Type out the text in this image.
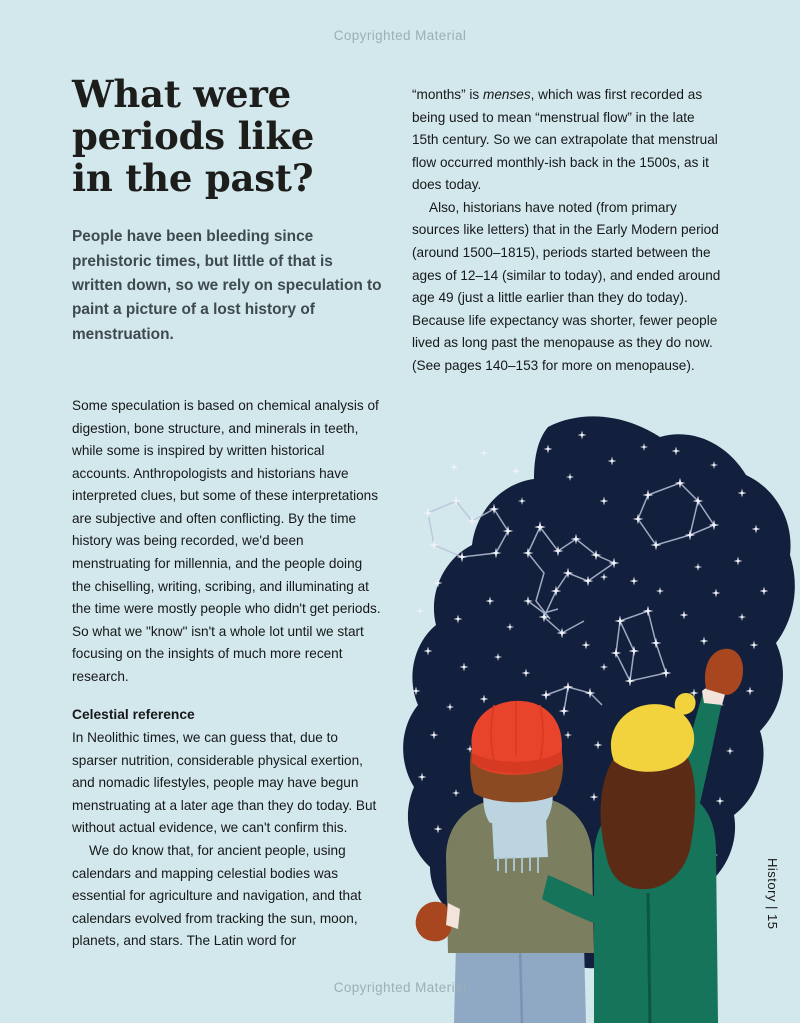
Copyrighted Material
What were periods like in the past?

People have been bleeding since prehistoric times, but little of that is written down, so we rely on speculation to paint a picture of a lost history of menstruation.

Some speculation is based on chemical analysis of digestion, bone structure, and minerals in teeth, while some is inspired by written historical accounts. Anthropologists and historians have interpreted clues, but some of these interpretations are subjective and often conflicting. By the time history was being recorded, we'd been menstruating for millennia, and the people doing the chiselling, writing, scribing, and illuminating at the time were mostly people who didn't get periods. So what we "know" isn't a whole lot until we start focusing on the insights of much more recent research.

Celestial reference

In Neolithic times, we can guess that, due to sparser nutrition, considerable physical exertion, and nomadic lifestyles, people may have begun menstruating at a later age than they do today. But without actual evidence, we can't confirm this.

We do know that, for ancient people, using calendars and mapping celestial bodies was essential for agriculture and navigation, and that calendars evolved from tracking the sun, moon, planets, and stars. The Latin word for

“months” is menses, which was first recorded as being used to mean “menstrual flow” in the late 15th century. So we can extrapolate that menstrual flow occurred monthly-ish back in the 1500s, as it does today.

Also, historians have noted (from primary sources like letters) that in the Early Modern period (around 1500–1815), periods started between the ages of 12–14 (similar to today), and ended around age 49 (just a little earlier than they do today). Because life expectancy was shorter, fewer people lived as long past the menopause as they do now. (See pages 140–153 for more on menopause).

History | 15
Copyrighted Material
